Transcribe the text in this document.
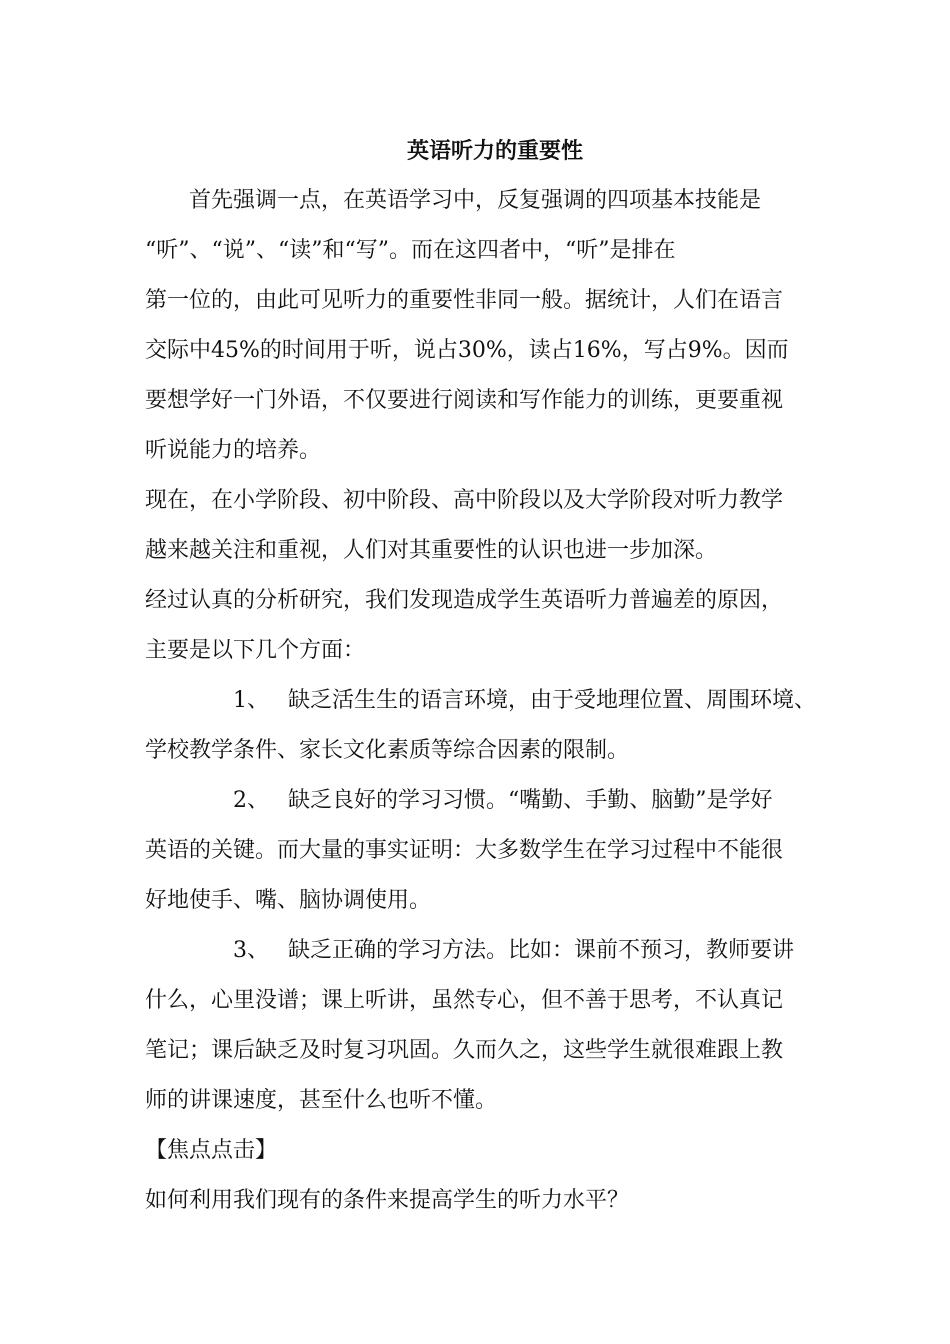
英语听力的重要性
首先强调一点，在英语学习中，反复强调的四项基本技能是
“听”、“说”、“读”和“写”。而在这四者中，“听”是排在
第一位的，由此可见听力的重要性非同一般。据统计，人们在语言
交际中45%的时间用于听，说占30%，读占16%，写占9%。因而
要想学好一门外语，不仅要进行阅读和写作能力的训练，更要重视
听说能力的培养。
现在，在小学阶段、初中阶段、高中阶段以及大学阶段对听力教学
越来越关注和重视，人们对其重要性的认识也进一步加深。
经过认真的分析研究，我们发现造成学生英语听力普遍差的原因，
主要是以下几个方面：
1、 缺乏活生生的语言环境，由于受地理位置、周围环境、
学校教学条件、家长文化素质等综合因素的限制。
2、 缺乏良好的学习习惯。“嘴勤、手勤、脑勤”是学好
英语的关键。而大量的事实证明：大多数学生在学习过程中不能很
好地使手、嘴、脑协调使用。
3、 缺乏正确的学习方法。比如：课前不预习，教师要讲
什么，心里没谱；课上听讲，虽然专心，但不善于思考，不认真记
笔记；课后缺乏及时复习巩固。久而久之，这些学生就很难跟上教
师的讲课速度，甚至什么也听不懂。
【焦点点击】
如何利用我们现有的条件来提高学生的听力水平？
